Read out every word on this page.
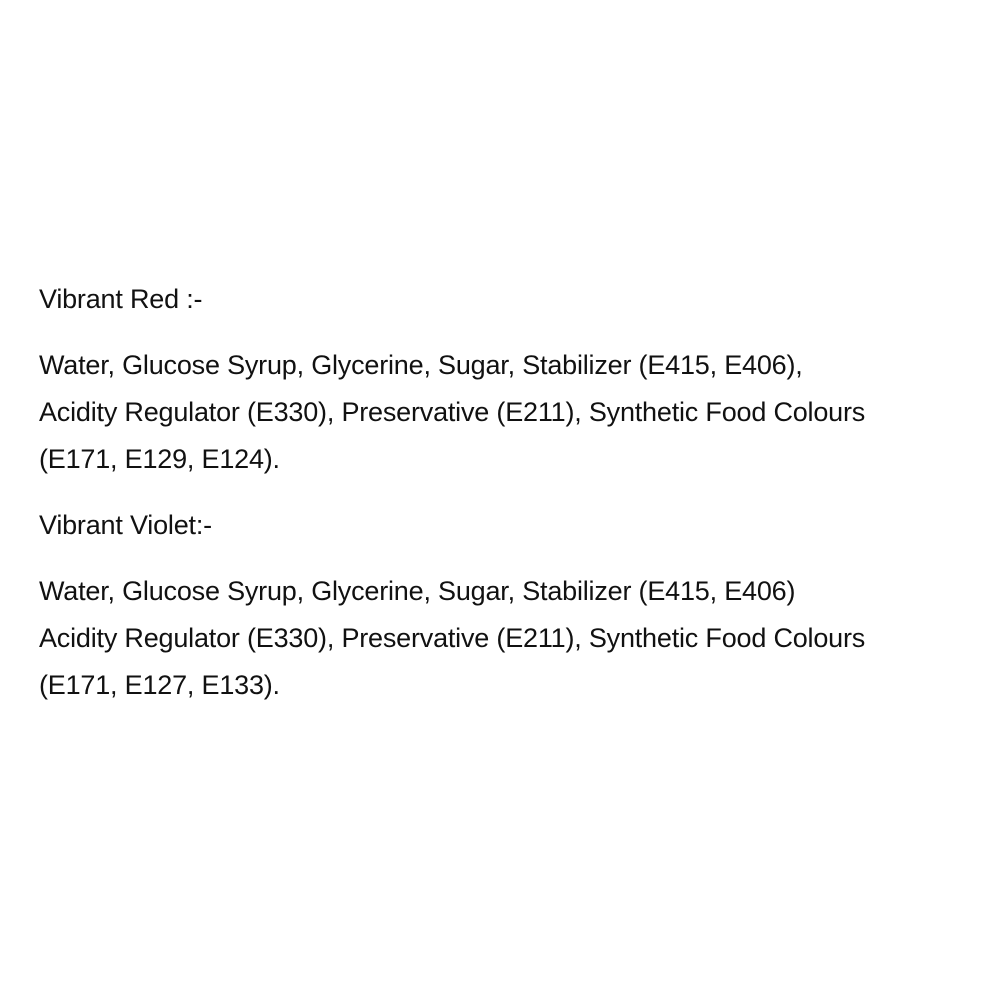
Vibrant Red :-

Water, Glucose Syrup, Glycerine, Sugar, Stabilizer (E415, E406),
Acidity Regulator (E330), Preservative (E211), Synthetic Food Colours
(E171, E129, E124).

Vibrant Violet:-

Water, Glucose Syrup, Glycerine, Sugar, Stabilizer (E415, E406)
Acidity Regulator (E330), Preservative (E211), Synthetic Food Colours
(E171, E127, E133).
